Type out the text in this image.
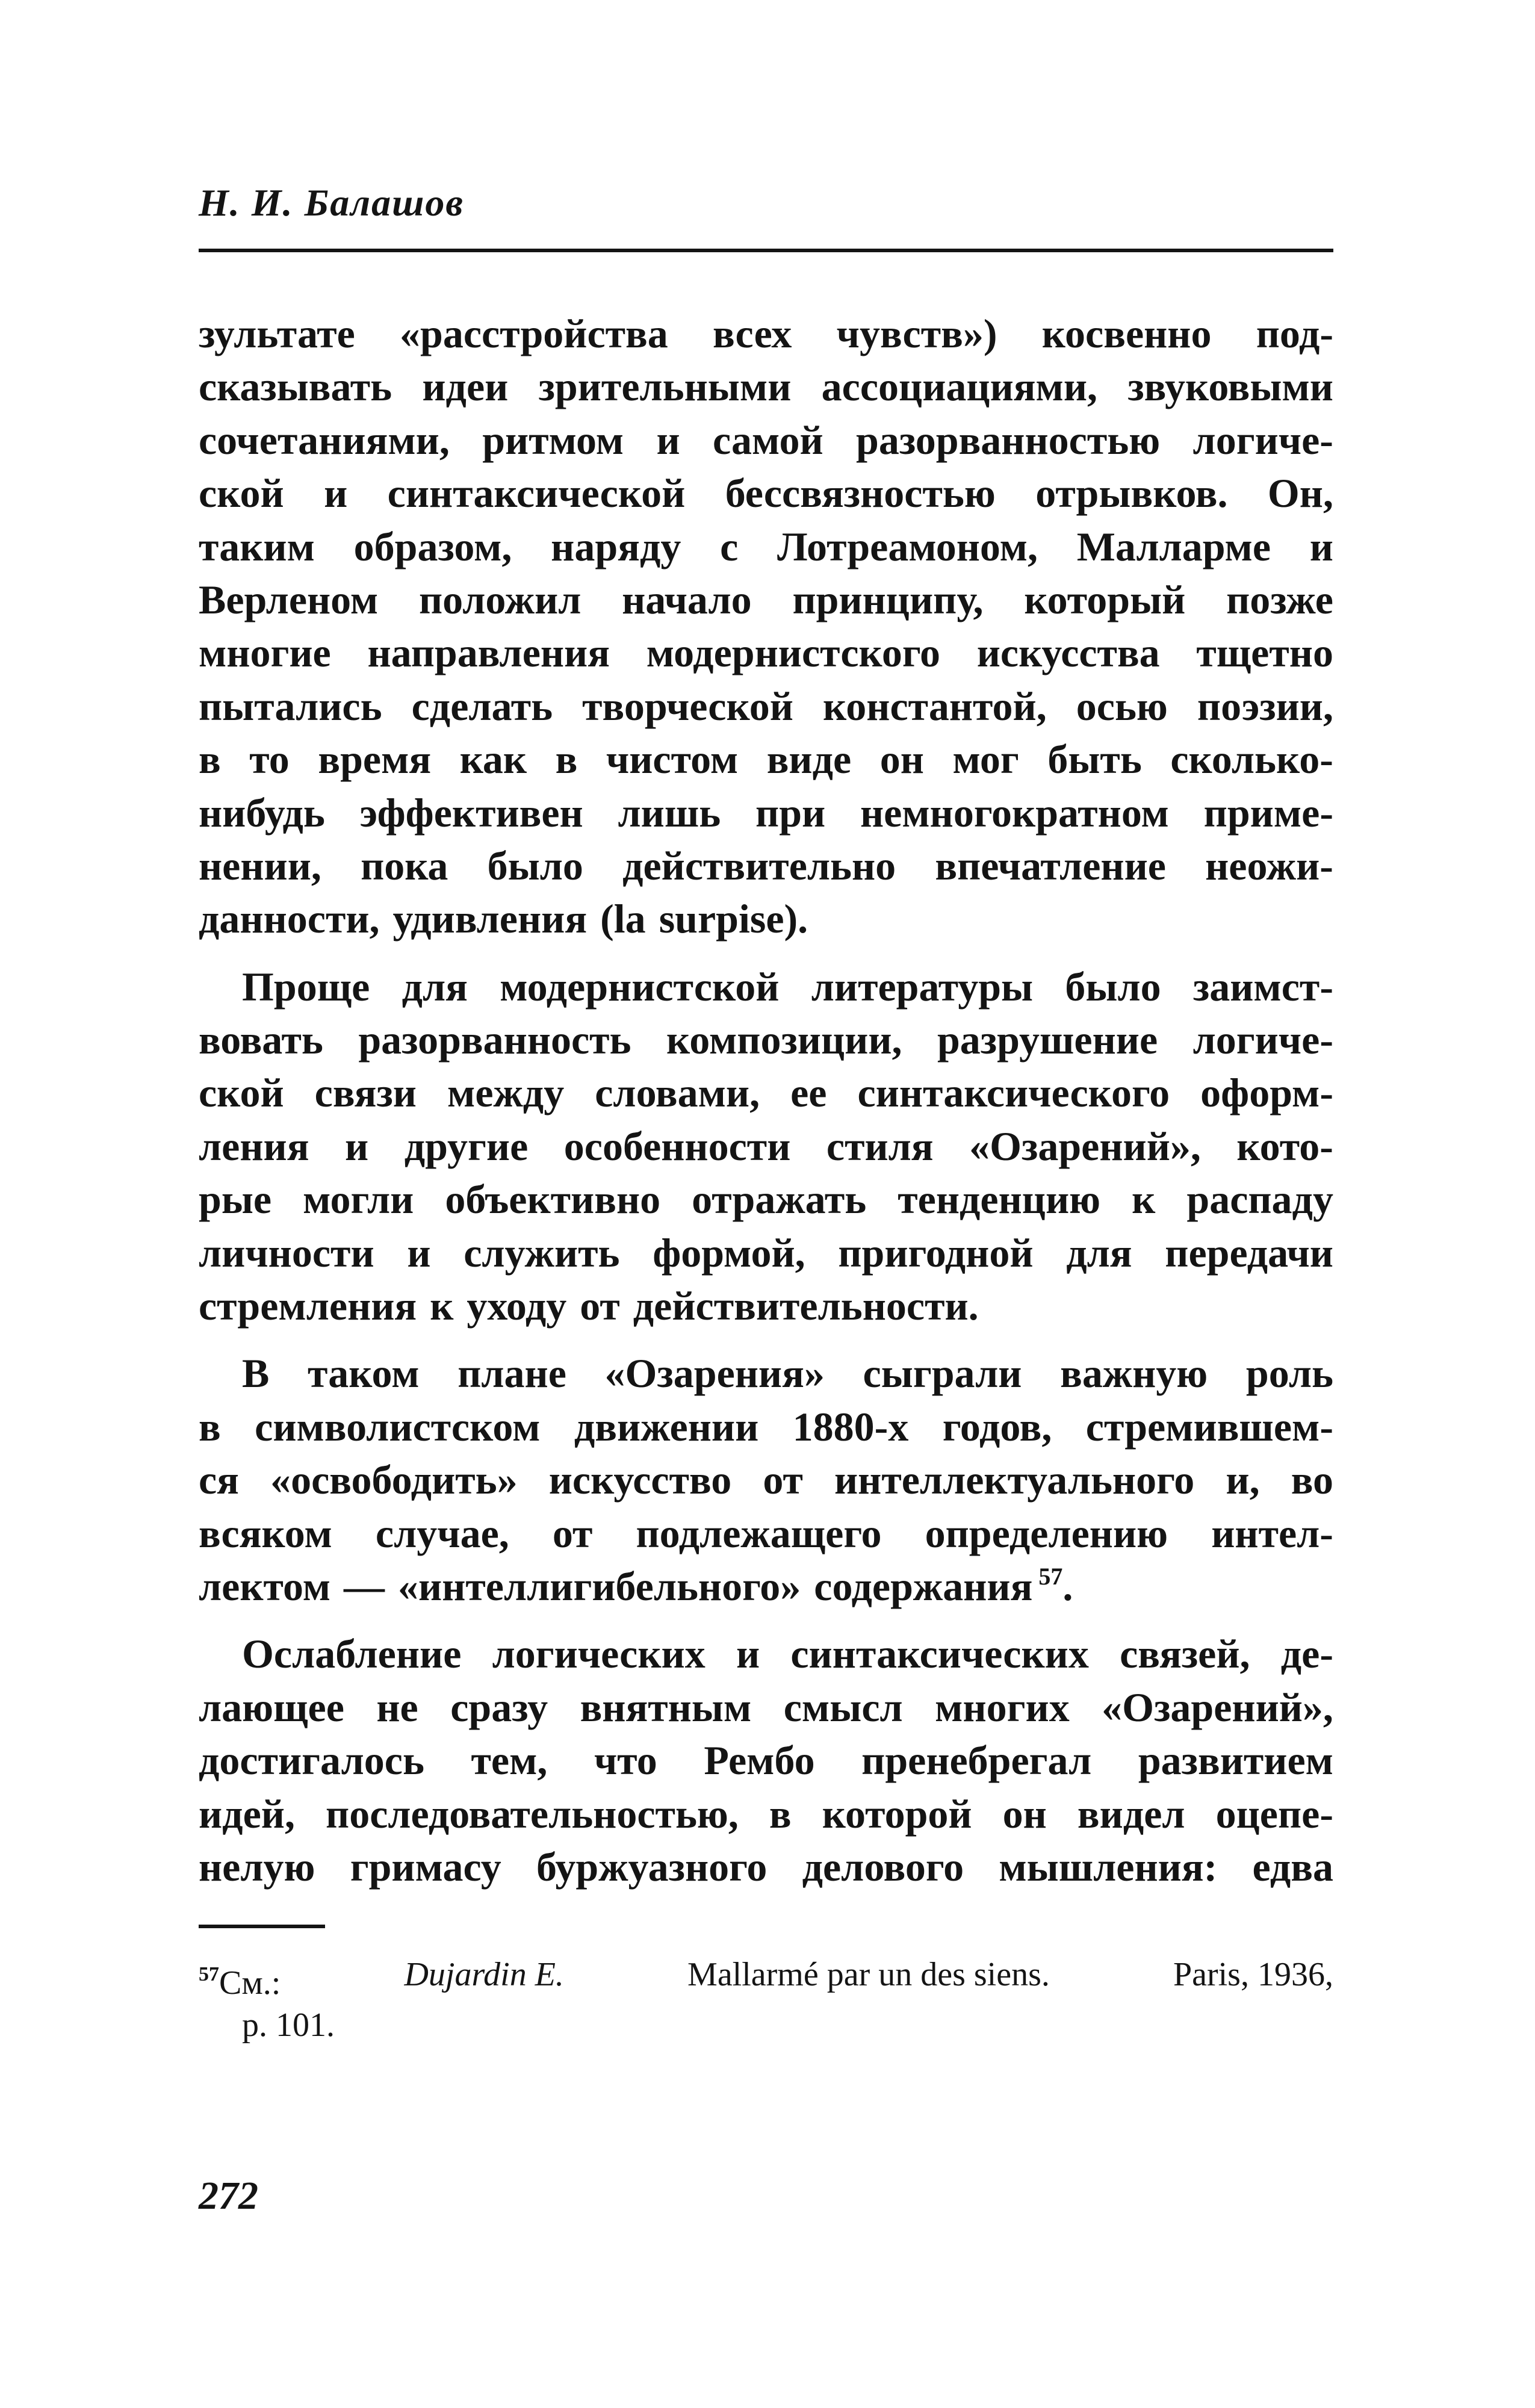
Н. И. Балашов
зультате «расстройства всех чувств») косвенно под-
сказывать идеи зрительными ассоциациями, звуковыми
сочетаниями, ритмом и самой разорванностью логиче-
ской и синтаксической бессвязностью отрывков. Он,
таким образом, наряду с Лотреамоном, Малларме и
Верленом положил начало принципу, который позже
многие направления модернистского искусства тщетно
пытались сделать творческой константой, осью поэзии,
в то время как в чистом виде он мог быть сколько-
нибудь эффективен лишь при немногократном приме-
нении, пока было действительно впечатление неожи-
данности, удивления (la surpise).
Проще для модернистской литературы было заимст-
вовать разорванность композиции, разрушение логиче-
ской связи между словами, ее синтаксического оформ-
ления и другие особенности стиля «Озарений», кото-
рые могли объективно отражать тенденцию к распаду
личности и служить формой, пригодной для передачи
стремления к уходу от действительности.
В таком плане «Озарения» сыграли важную роль
в символистском движении 1880-х годов, стремившем-
ся «освободить» искусство от интеллектуального и, во
всяком случае, от подлежащего определению интел-
лектом — «интеллигибельного» содержания $^{57}$.
Ослабление логических и синтаксических связей, де-
лающее не сразу внятным смысл многих «Озарений»,
достигалось тем, что Рембо пренебрегал развитием
идей, последовательностью, в которой он видел оцепе-
нелую гримасу буржуазного делового мышления: едва
$^{57}$См.:	Dujardin E.	Mallarmé par un des siens.	Paris, 1936,
p. 101.
272
